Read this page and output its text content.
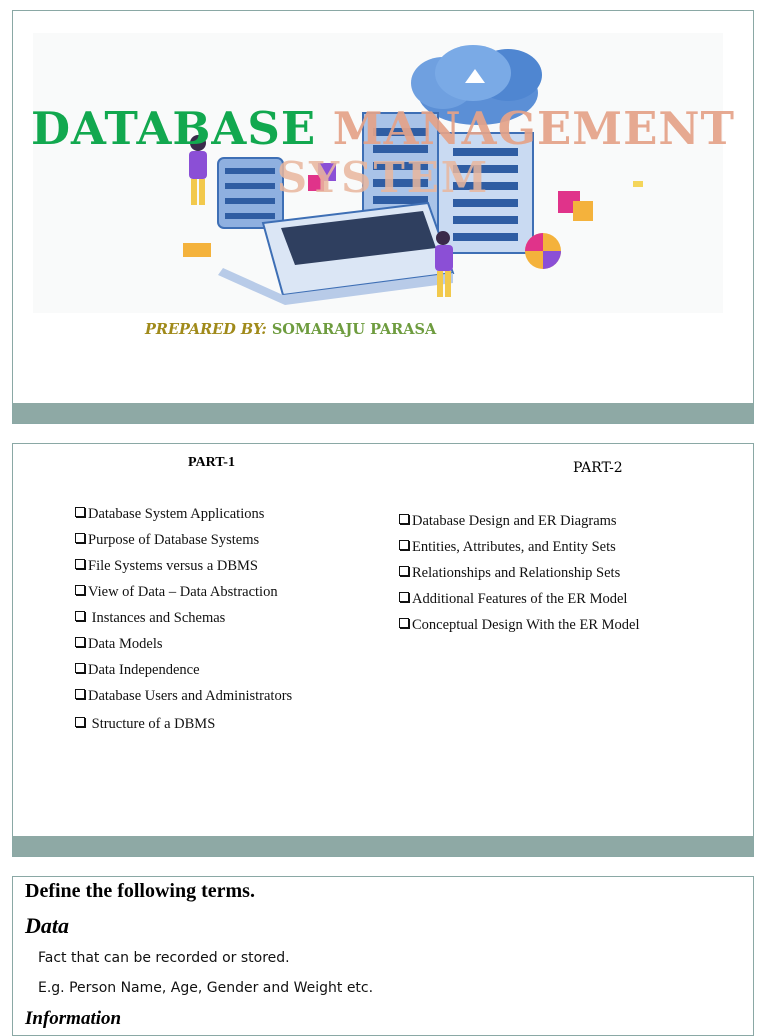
DATABASE MANAGEMENT
SYSTEM
PREPARED BY: SOMARAJU PARASA
PART-1	PART-2
Database System Applications
Purpose of Database Systems
File Systems versus a DBMS
View of Data – Data Abstraction
Instances and Schemas
Data Models
Data Independence
Database Users and Administrators
Structure of a DBMS
Database Design and ER Diagrams
Entities, Attributes, and Entity Sets
Relationships and Relationship Sets
Additional Features of the ER Model
Conceptual Design With the ER Model
Define the following terms.
Data
Fact that can be recorded or stored.
E.g. Person Name, Age, Gender and Weight etc.
Information
